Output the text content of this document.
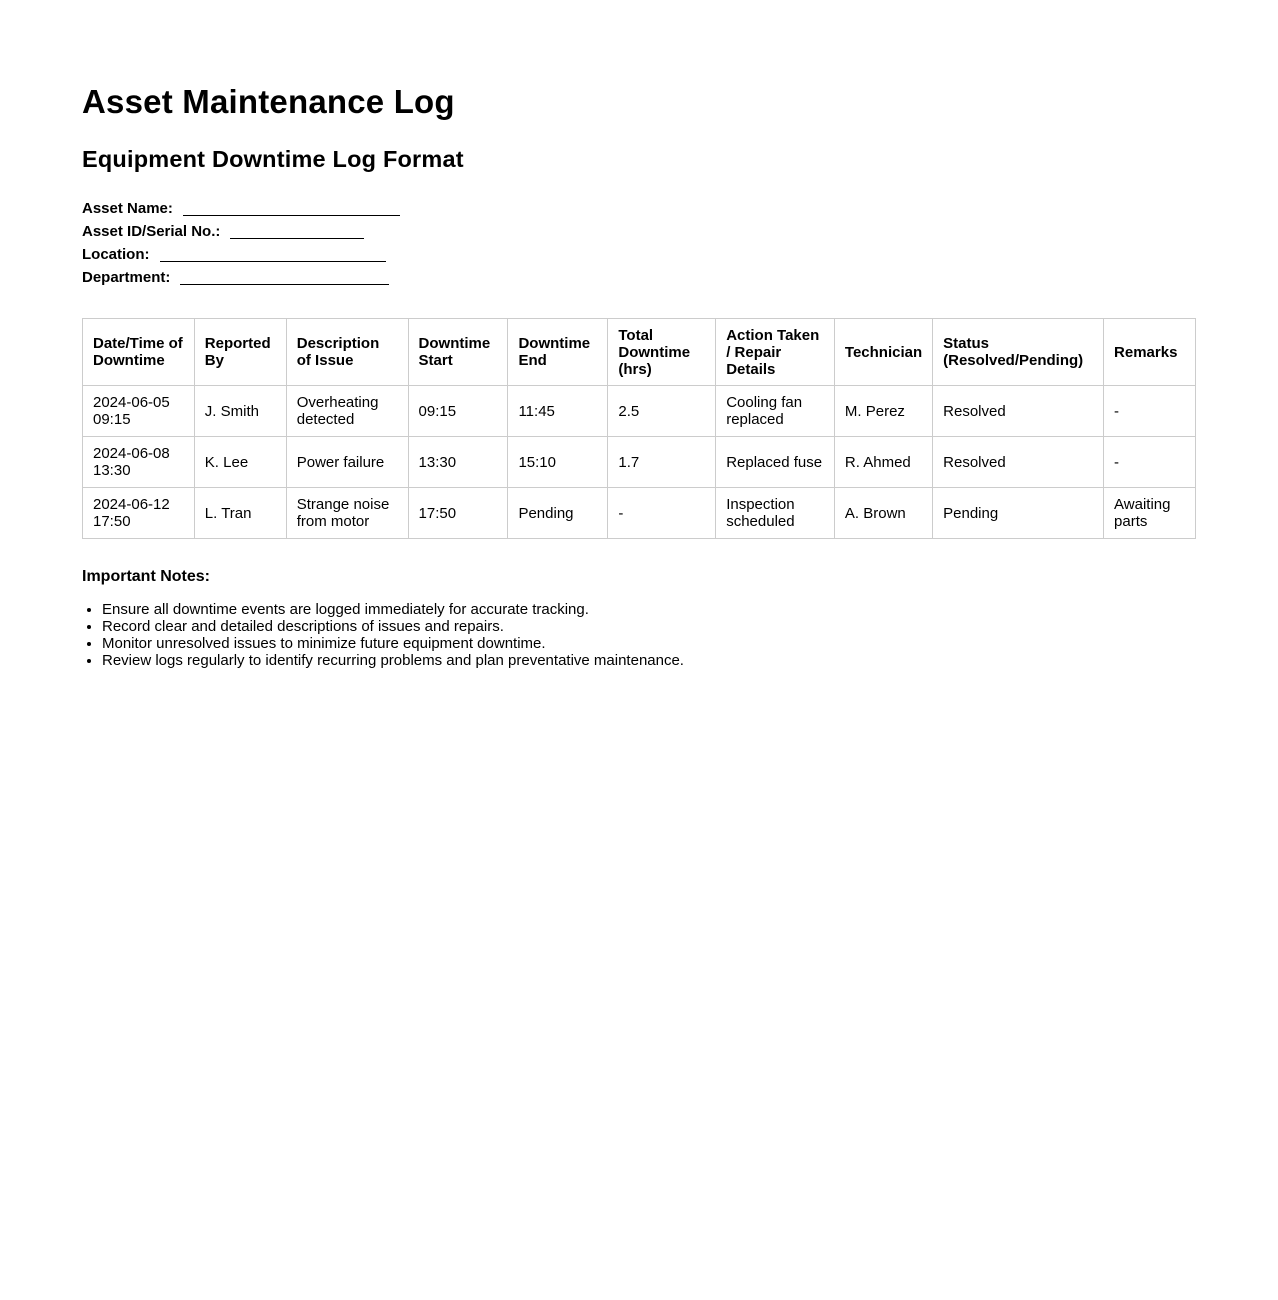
Asset Maintenance Log
Equipment Downtime Log Format
Asset Name:
Asset ID/Serial No.:
Location:
Department:
Date/Time of Downtime	Reported By	Description of Issue	Downtime Start	Downtime End	Total Downtime (hrs)	Action Taken / Repair Details	Technician	Status (Resolved/Pending)	Remarks
2024-06-05 09:15	J. Smith	Overheating detected	09:15	11:45	2.5	Cooling fan replaced	M. Perez	Resolved	-
2024-06-08 13:30	K. Lee	Power failure	13:30	15:10	1.7	Replaced fuse	R. Ahmed	Resolved	-
2024-06-12 17:50	L. Tran	Strange noise from motor	17:50	Pending	-	Inspection scheduled	A. Brown	Pending	Awaiting parts
Important Notes:
• Ensure all downtime events are logged immediately for accurate tracking.
• Record clear and detailed descriptions of issues and repairs.
• Monitor unresolved issues to minimize future equipment downtime.
• Review logs regularly to identify recurring problems and plan preventative maintenance.
